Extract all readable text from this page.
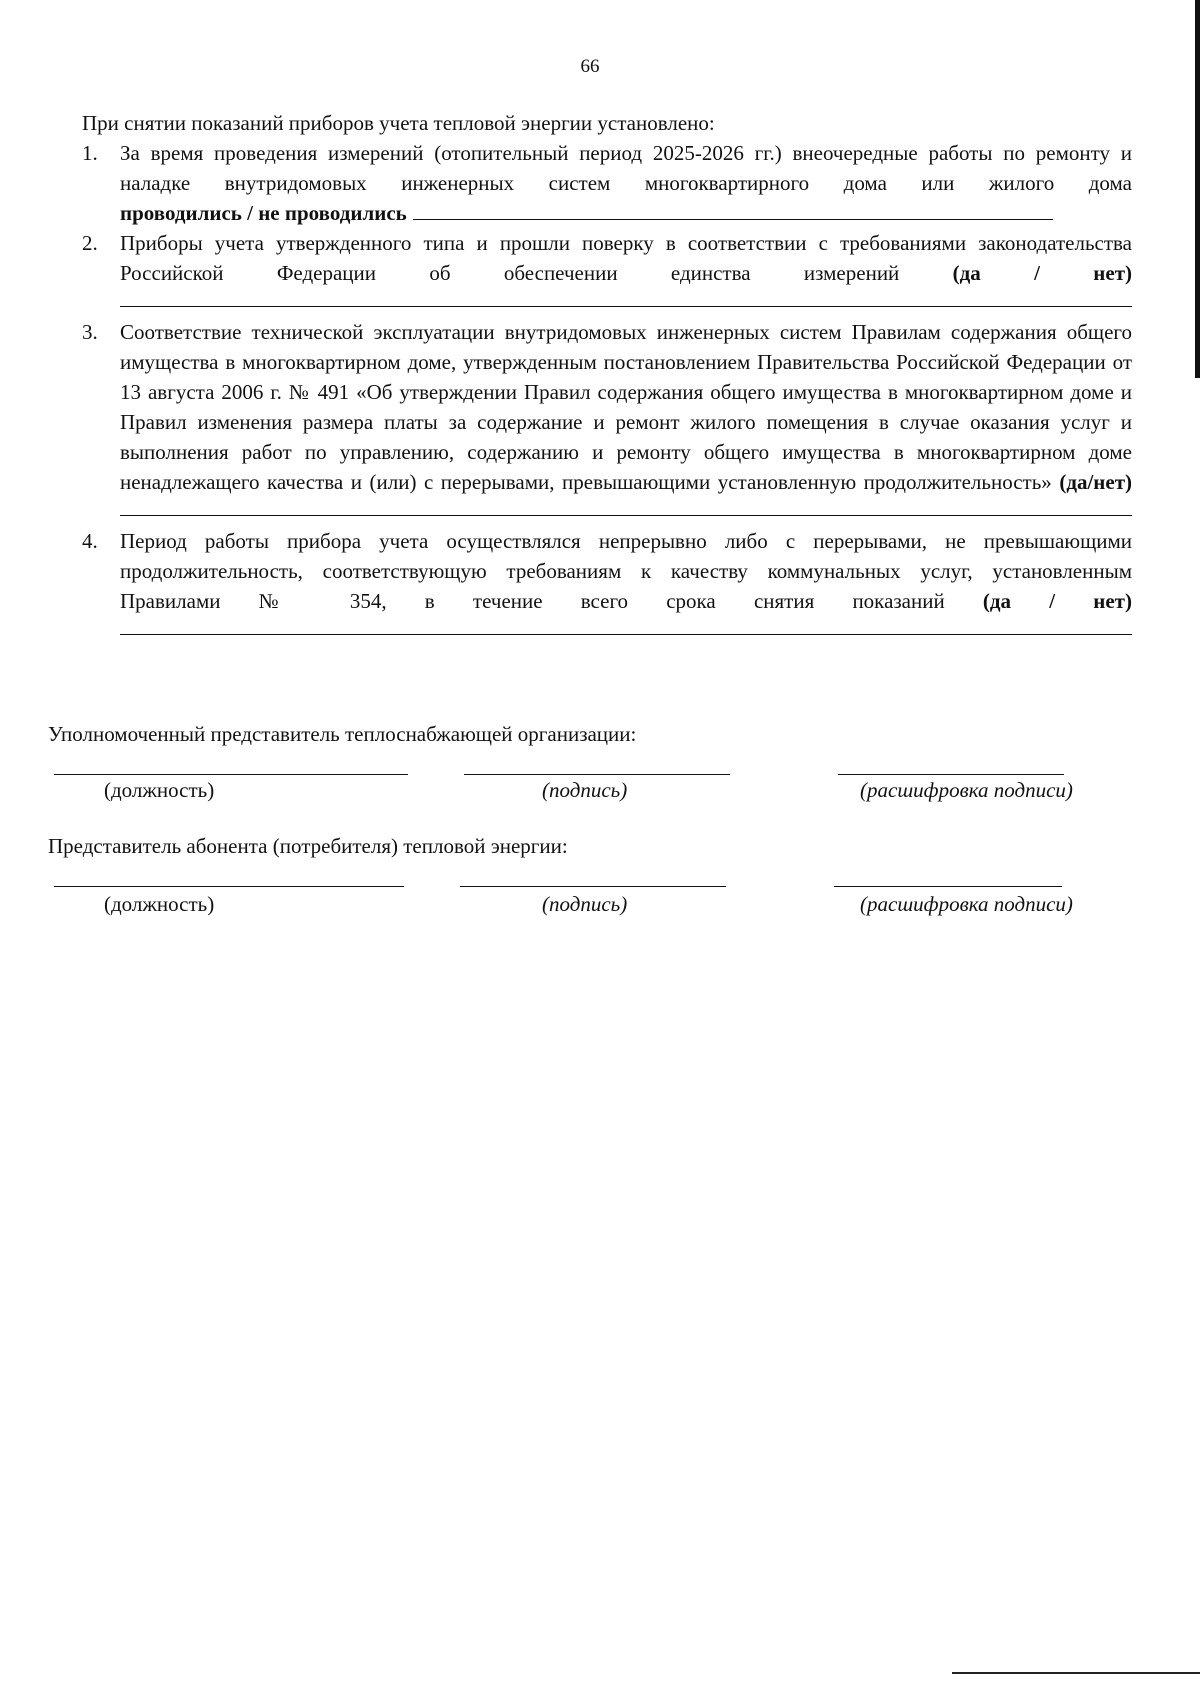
66

При снятии показаний приборов учета тепловой энергии установлено:

1. За время проведения измерений (отопительный период 2025-2026 гг.) внеочередные работы по ремонту и наладке внутридомовых инженерных систем многоквартирного дома или жилого дома
проводились / не проводились
2. Приборы учета утвержденного типа и прошли поверку в соответствии с требованиями законодательства Российской Федерации об обеспечении единства измерений	(да / нет)
3. Соответствие технической эксплуатации внутридомовых инженерных систем Правилам содержания общего имущества в многоквартирном доме, утвержденным постановлением Правительства Российской Федерации от 13 августа 2006 г. № 491 «Об утверждении Правил содержания общего имущества в многоквартирном доме и Правил изменения размера платы за содержание и ремонт жилого помещения в случае оказания услуг и выполнения работ по управлению, содержанию и ремонту общего имущества в многоквартирном доме ненадлежащего качества и (или) с перерывами, превышающими установленную продолжительность» (да/нет)
4. Период работы прибора учета осуществлялся непрерывно либо с перерывами, не превышающими продолжительность, соответствующую требованиям к качеству коммунальных услуг, установленным Правилами № 354, в течение всего срока снятия показаний (да / нет)
Уполномоченный представитель теплоснабжающей организации:
(должность)	(подпись)	(расшифровка подписи)
Представитель абонента (потребителя) тепловой энергии:
(должность)	(подпись)	(расшифровка подписи)
